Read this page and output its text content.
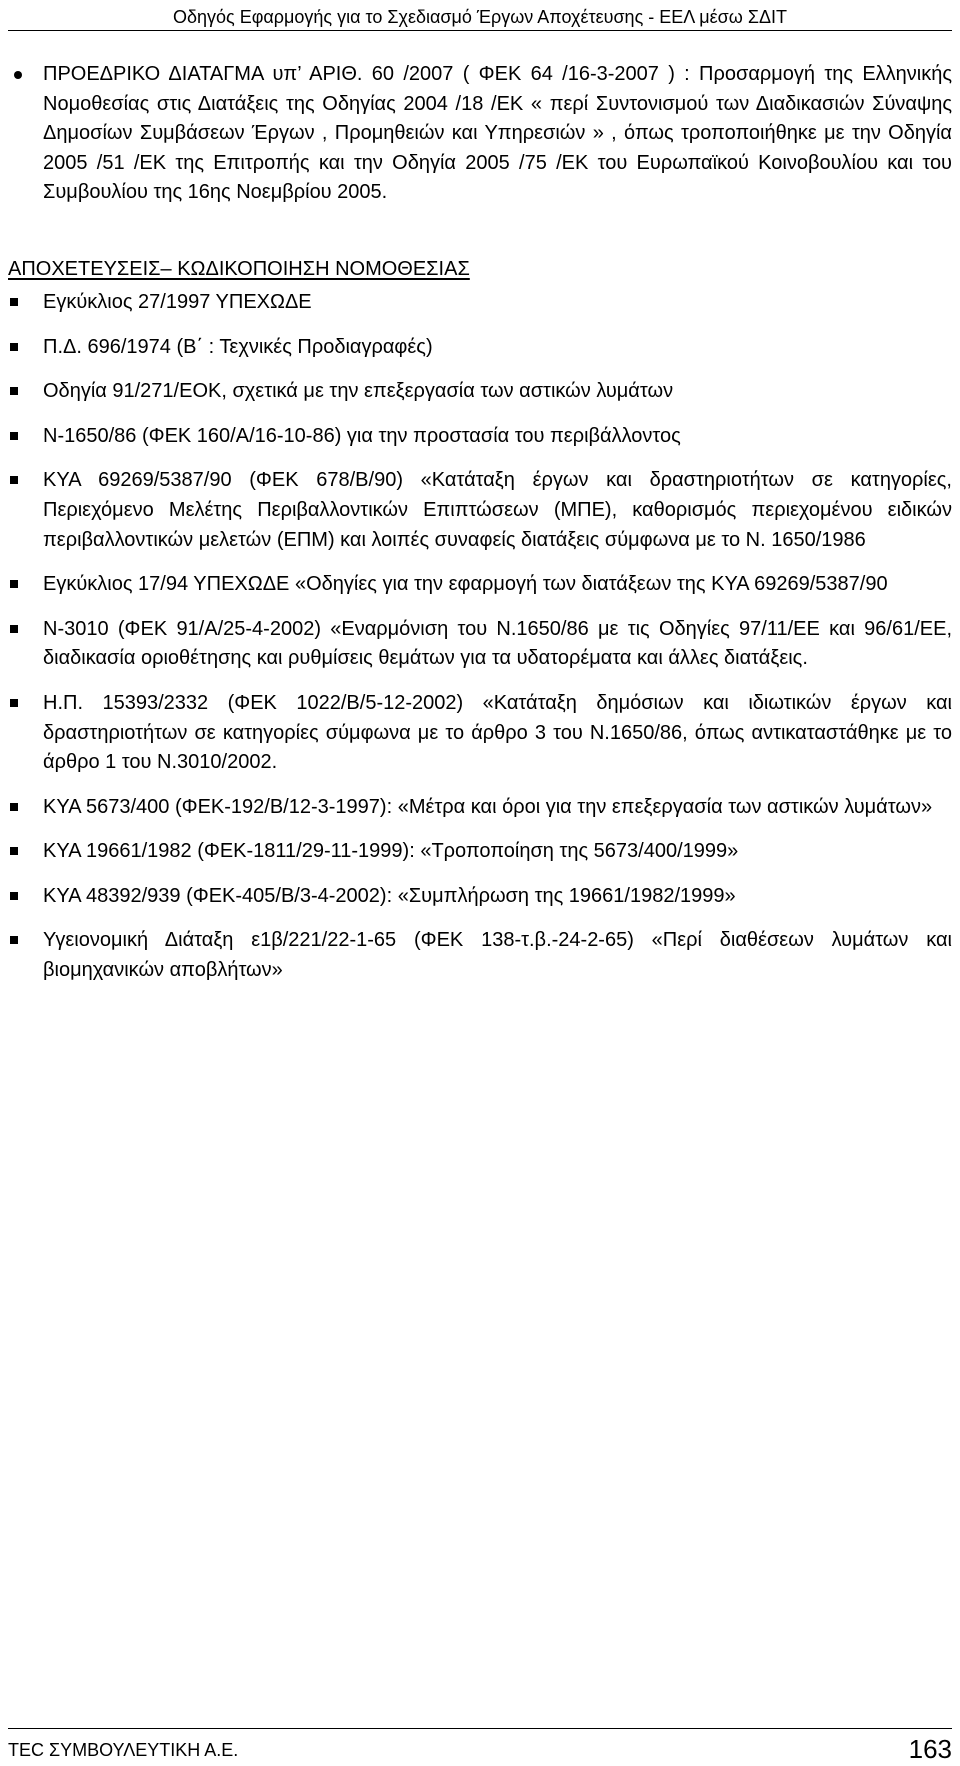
Οδηγός Εφαρμογής για το Σχεδιασμό Έργων Αποχέτευσης - ΕΕΛ μέσω ΣΔΙΤ

ΠΡΟΕΔΡΙΚΟ ΔΙΑΤΑΓΜΑ υπ’ ΑΡΙΘ. 60 /2007 ( ΦΕΚ 64 /16-3-2007 ) : Προσαρμογή της Ελληνικής Νομοθεσίας στις Διατάξεις της Οδηγίας 2004 /18 /ΕΚ « περί Συντονισμού των Διαδικασιών Σύναψης Δημοσίων Συμβάσεων Έργων , Προμηθειών και Υπηρεσιών » , όπως τροποποιήθηκε με την Οδηγία 2005 /51 /ΕΚ της Επιτροπής και την Οδηγία 2005 /75 /ΕΚ του Ευρωπαϊκού Κοινοβουλίου και του Συμβουλίου της 16ης Νοεμβρίου 2005.

ΑΠΟΧΕΤΕΥΣΕΙΣ– ΚΩΔΙΚΟΠΟΙΗΣΗ ΝΟΜΟΘΕΣΙΑΣ
Εγκύκλιος 27/1997 ΥΠΕΧΩΔΕ
Π.Δ. 696/1974 (Β΄ : Τεχνικές Προδιαγραφές)
Οδηγία 91/271/ΕΟΚ, σχετικά με την επεξεργασία των αστικών λυμάτων
Ν-1650/86 (ΦΕΚ 160/Α/16-10-86) για την προστασία του περιβάλλοντος
ΚΥΑ 69269/5387/90 (ΦΕΚ 678/Β/90) «Κατάταξη έργων και δραστηριοτήτων σε κατηγορίες, Περιεχόμενο Μελέτης Περιβαλλοντικών Επιπτώσεων (ΜΠΕ), καθορισμός περιεχομένου ειδικών περιβαλλοντικών μελετών (ΕΠΜ) και λοιπές συναφείς διατάξεις σύμφωνα με το Ν. 1650/1986
Εγκύκλιος 17/94 ΥΠΕΧΩΔΕ «Οδηγίες για την εφαρμογή των διατάξεων της ΚΥΑ 69269/5387/90
Ν-3010 (ΦΕΚ 91/Α/25-4-2002) «Εναρμόνιση του Ν.1650/86 με τις Οδηγίες 97/11/ΕΕ και 96/61/ΕΕ, διαδικασία οριοθέτησης και ρυθμίσεις θεμάτων για τα υδατορέματα και άλλες διατάξεις.
Η.Π. 15393/2332 (ΦΕΚ 1022/Β/5-12-2002) «Κατάταξη δημόσιων και ιδιωτικών έργων και δραστηριοτήτων σε κατηγορίες σύμφωνα με το άρθρο 3 του Ν.1650/86, όπως αντικαταστάθηκε με το άρθρο 1 του Ν.3010/2002.
ΚΥΑ 5673/400 (ΦΕΚ-192/Β/12-3-1997): «Μέτρα και όροι για την επεξεργασία των αστικών λυμάτων»
ΚΥΑ 19661/1982 (ΦΕΚ-1811/29-11-1999): «Τροποποίηση της 5673/400/1999»
ΚΥΑ 48392/939 (ΦΕΚ-405/Β/3-4-2002): «Συμπλήρωση της 19661/1982/1999»
Υγειονομική Διάταξη ε1β/221/22-1-65 (ΦΕΚ 138-τ.β.-24-2-65) «Περί διαθέσεων λυμάτων και βιομηχανικών αποβλήτων»
TEC ΣΥΜΒΟΥΛΕΥΤΙΚΗ Α.Ε.	163
